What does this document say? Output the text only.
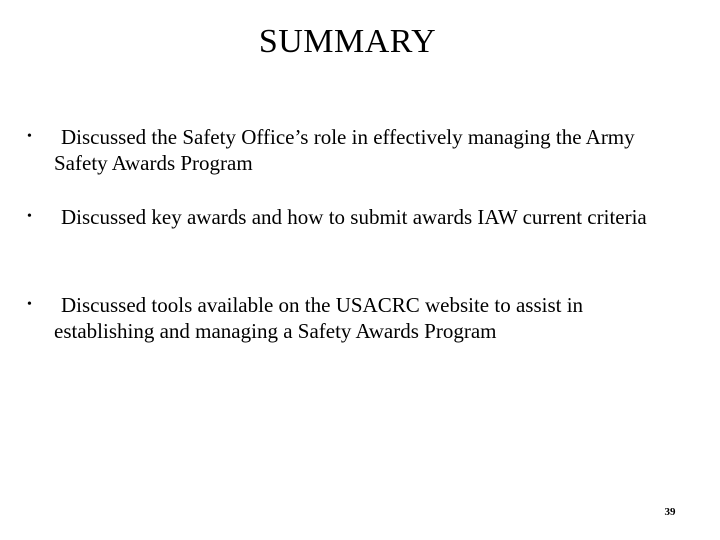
SUMMARY
•	Discussed the Safety Office’s role in effectively managing the Army Safety Awards Program
•	Discussed key awards and how to submit awards IAW current criteria
•	Discussed tools available on the USACRC website to assist in establishing and managing a Safety Awards Program
39
